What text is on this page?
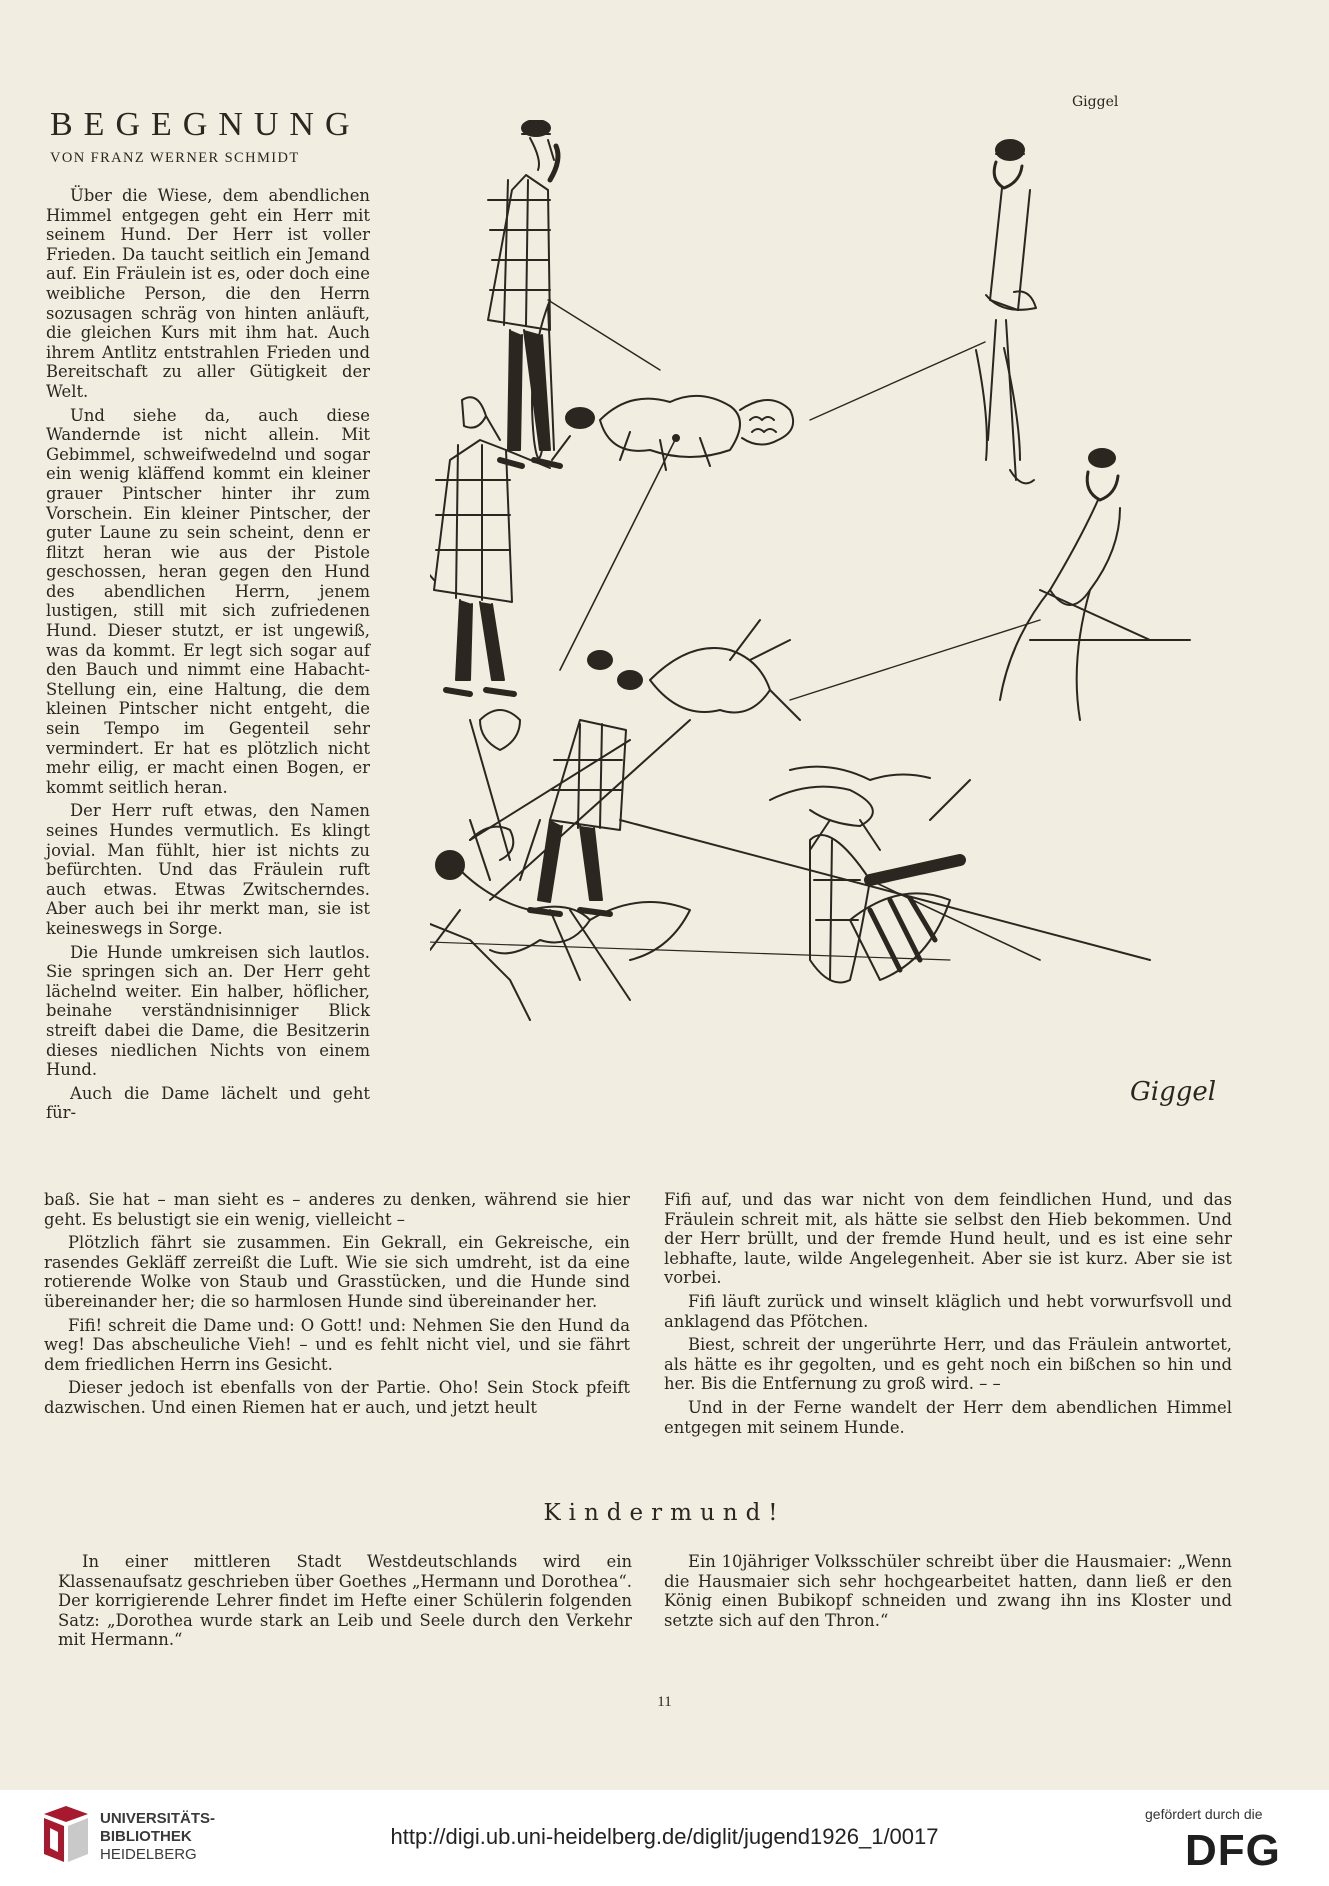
Giggel
BEGEGNUNG
VON FRANZ WERNER SCHMIDT

Über die Wiese, dem abendlichen Himmel entgegen geht ein Herr mit seinem Hund. Der Herr ist voller Frieden. Da taucht seitlich ein Jemand auf. Ein Fräulein ist es, oder doch eine weibliche Person, die den Herrn sozusagen schräg von hinten anläuft, die gleichen Kurs mit ihm hat. Auch ihrem Antlitz entstrahlen Frieden und Bereitschaft zu aller Gütigkeit der Welt.

Und siehe da, auch diese Wandernde ist nicht allein. Mit Gebimmel, schweifwedelnd und sogar ein wenig kläffend kommt ein kleiner grauer Pintscher hinter ihr zum Vorschein. Ein kleiner Pintscher, der guter Laune zu sein scheint, denn er flitzt heran wie aus der Pistole geschossen, heran gegen den Hund des abendlichen Herrn, jenem lustigen, still mit sich zufriedenen Hund. Dieser stutzt, er ist ungewiß, was da kommt. Er legt sich sogar auf den Bauch und nimmt eine Habacht-Stellung ein, eine Haltung, die dem kleinen Pintscher nicht entgeht, die sein Tempo im Gegenteil sehr vermindert. Er hat es plötzlich nicht mehr eilig, er macht einen Bogen, er kommt seitlich heran.

Der Herr ruft etwas, den Namen seines Hundes vermutlich. Es klingt jovial. Man fühlt, hier ist nichts zu befürchten. Und das Fräulein ruft auch etwas. Etwas Zwitscherndes. Aber auch bei ihr merkt man, sie ist keineswegs in Sorge.

Die Hunde umkreisen sich lautlos. Sie springen sich an. Der Herr geht lächelnd weiter. Ein halber, höflicher, beinahe verständnisinniger Blick streift dabei die Dame, die Besitzerin dieses niedlichen Nichts von einem Hund.

Auch die Dame lächelt und geht für-

Giggel

baß. Sie hat – man sieht es – anderes zu denken, während sie hier geht. Es belustigt sie ein wenig, vielleicht –

Plötzlich fährt sie zusammen. Ein Gekrall, ein Gekreische, ein rasendes Gekläff zerreißt die Luft. Wie sie sich umdreht, ist da eine rotierende Wolke von Staub und Grasstücken, und die Hunde sind übereinander her; die so harmlosen Hunde sind übereinander her.

Fifi! schreit die Dame und: O Gott! und: Nehmen Sie den Hund da weg! Das abscheuliche Vieh! – und es fehlt nicht viel, und sie fährt dem friedlichen Herrn ins Gesicht.

Dieser jedoch ist ebenfalls von der Partie. Oho! Sein Stock pfeift dazwischen. Und einen Riemen hat er auch, und jetzt heult

Fifi auf, und das war nicht von dem feindlichen Hund, und das Fräulein schreit mit, als hätte sie selbst den Hieb bekommen. Und der Herr brüllt, und der fremde Hund heult, und es ist eine sehr lebhafte, laute, wilde Angelegenheit. Aber sie ist kurz. Aber sie ist vorbei.

Fifi läuft zurück und winselt kläglich und hebt vorwurfsvoll und anklagend das Pfötchen.

Biest, schreit der ungerührte Herr, und das Fräulein antwortet, als hätte es ihr gegolten, und es geht noch ein bißchen so hin und her. Bis die Entfernung zu groß wird. – –

Und in der Ferne wandelt der Herr dem abendlichen Himmel entgegen mit seinem Hunde.

Kindermund!

In einer mittleren Stadt Westdeutschlands wird ein Klassenaufsatz geschrieben über Goethes „Hermann und Dorothea“. Der korrigierende Lehrer findet im Hefte einer Schülerin folgenden Satz: „Dorothea wurde stark an Leib und Seele durch den Verkehr mit Hermann.“

Ein 10jähriger Volksschüler schreibt über die Hausmaier: „Wenn die Hausmaier sich sehr hochgearbeitet hatten, dann ließ er den König einen Bubikopf schneiden und zwang ihn ins Kloster und setzte sich auf den Thron.“

11
UNIVERSITÄTS-
BIBLIOTHEK
HEIDELBERG
http://digi.ub.uni-heidelberg.de/diglit/jugend1926_1/0017
gefördert durch die
DFG
